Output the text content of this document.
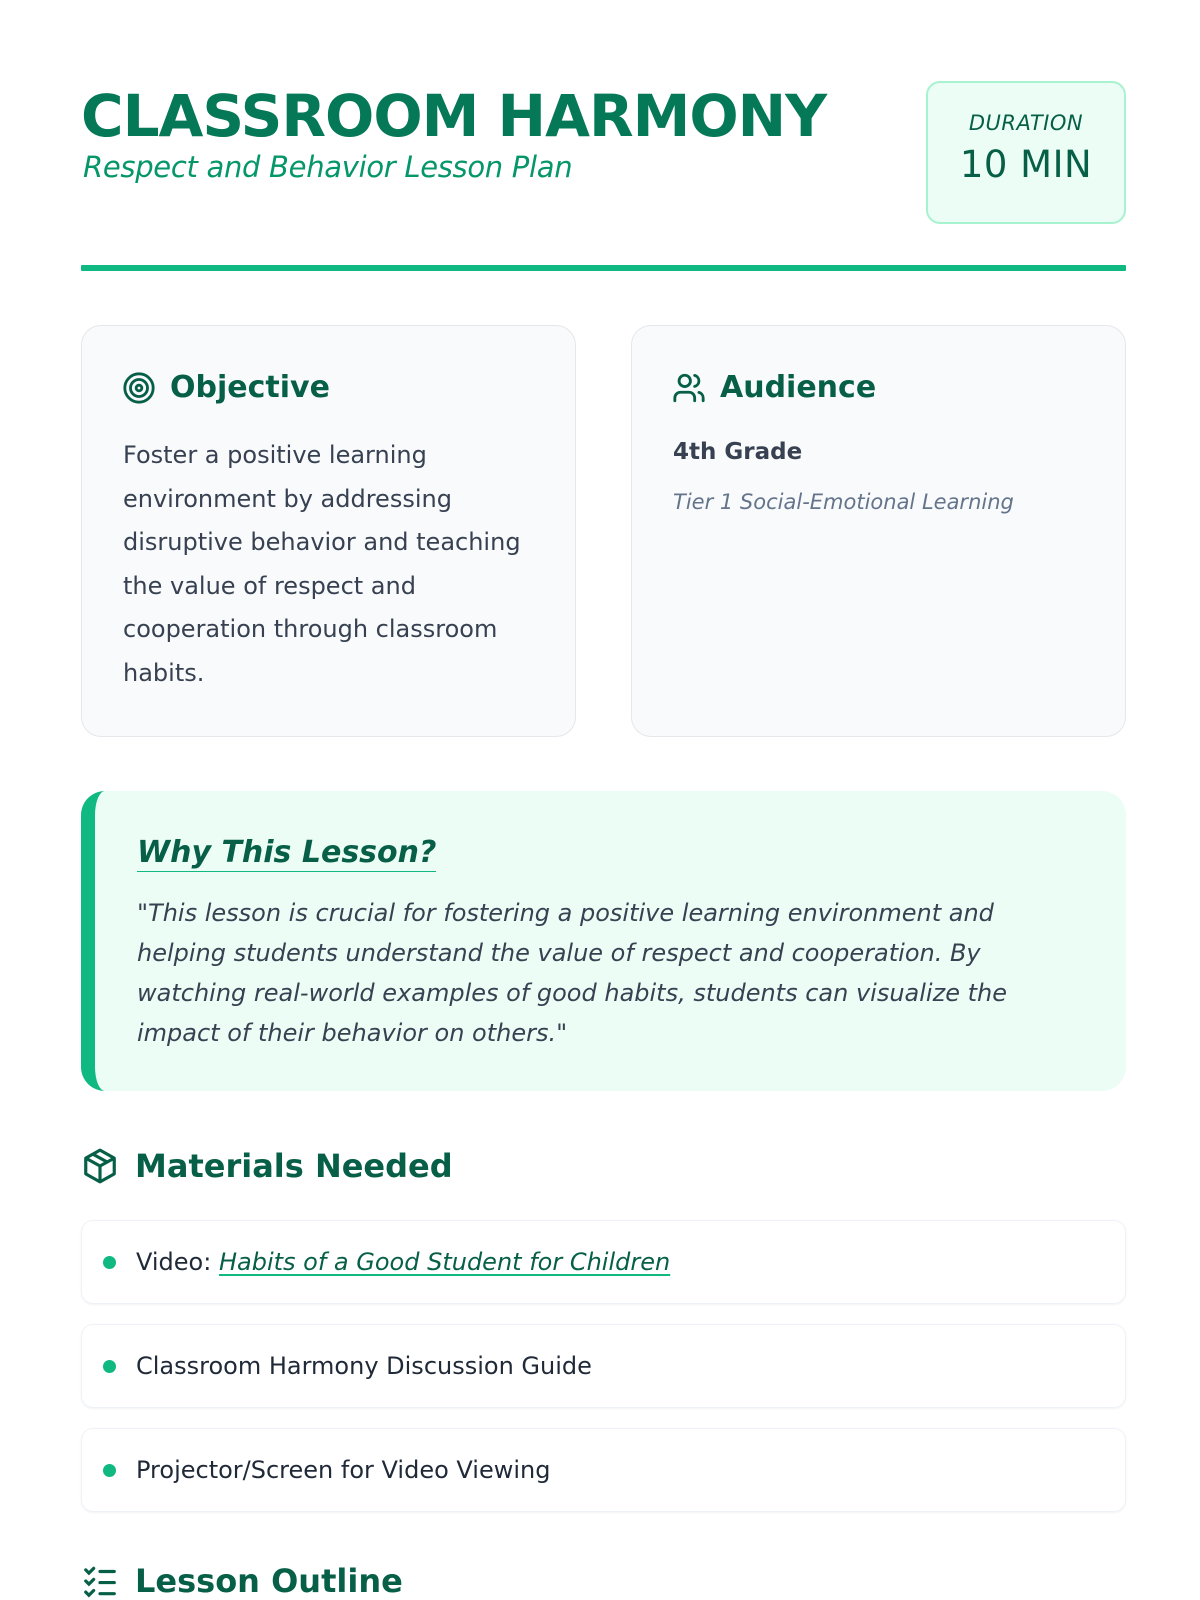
CLASSROOM HARMONY
Respect and Behavior Lesson Plan
DURATION
10 MIN
Objective
Foster a positive learning environment by addressing disruptive behavior and teaching the value of respect and cooperation through classroom habits.
Audience
4th Grade
Tier 1 Social-Emotional Learning
Why This Lesson?
"This lesson is crucial for fostering a positive learning environment and helping students understand the value of respect and cooperation. By watching real-world examples of good habits, students can visualize the impact of their behavior on others."
Materials Needed
Video: Habits of a Good Student for Children
Classroom Harmony Discussion Guide
Projector/Screen for Video Viewing
Lesson Outline
